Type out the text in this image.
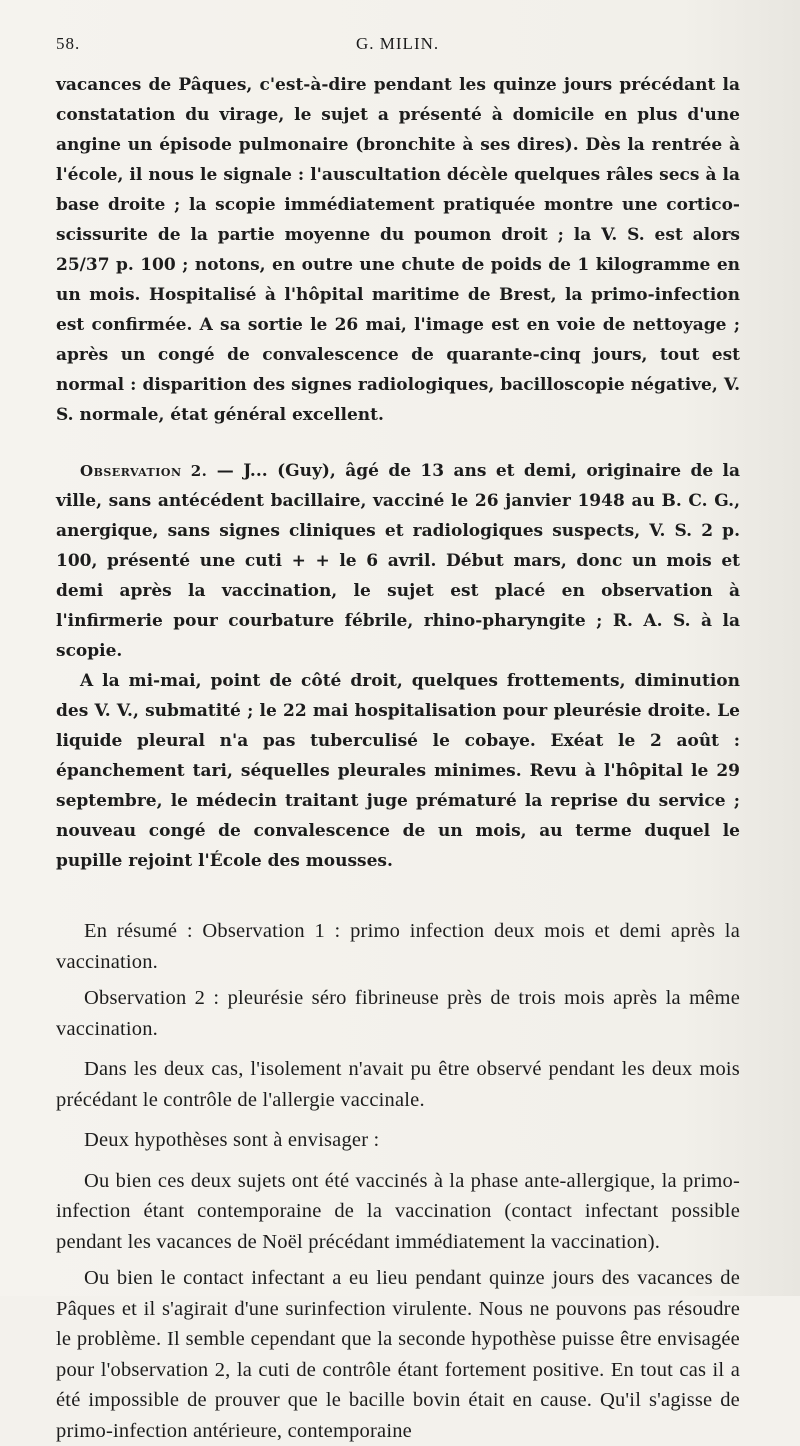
58.	G. MILIN.

vacances de Pâques, c'est-à-dire pendant les quinze jours précédant la constatation du virage, le sujet a présenté à domicile en plus d'une angine un épisode pulmonaire (bronchite à ses dires). Dès la rentrée à l'école, il nous le signale : l'auscultation décèle quelques râles secs à la base droite ; la scopie immédiatement pratiquée montre une cortico-scissurite de la partie moyenne du poumon droit ; la V. S. est alors 25/37 p. 100 ; notons, en outre une chute de poids de 1 kilogramme en un mois. Hospitalisé à l'hôpital maritime de Brest, la primo-infection est confirmée. A sa sortie le 26 mai, l'image est en voie de nettoyage ; après un congé de convalescence de quarante-cinq jours, tout est normal : disparition des signes radiologiques, bacilloscopie négative, V. S. normale, état général excellent.

Observation 2. — J... (Guy), âgé de 13 ans et demi, originaire de la ville, sans antécédent bacillaire, vacciné le 26 janvier 1948 au B. C. G., anergique, sans signes cliniques et radiologiques suspects, V. S. 2 p. 100, présenté une cuti + + le 6 avril. Début mars, donc un mois et demi après la vaccination, le sujet est placé en observation à l'infirmerie pour courbature fébrile, rhino-pharyngite ; R. A. S. à la scopie.

A la mi-mai, point de côté droit, quelques frottements, diminution des V. V., submatité ; le 22 mai hospitalisation pour pleurésie droite. Le liquide pleural n'a pas tuberculisé le cobaye. Exéat le 2 août : épanchement tari, séquelles pleurales minimes. Revu à l'hôpital le 29 septembre, le médecin traitant juge prématuré la reprise du service ; nouveau congé de convalescence de un mois, au terme duquel le pupille rejoint l'École des mousses.

En résumé : Observation 1 : primo infection deux mois et demi après la vaccination.

Observation 2 : pleurésie séro fibrineuse près de trois mois après la même vaccination.

Dans les deux cas, l'isolement n'avait pu être observé pendant les deux mois précédant le contrôle de l'allergie vaccinale.

Deux hypothèses sont à envisager :

Ou bien ces deux sujets ont été vaccinés à la phase ante-allergique, la primo-infection étant contemporaine de la vaccination (contact infectant possible pendant les vacances de Noël précédant immédiatement la vaccination).

Ou bien le contact infectant a eu lieu pendant quinze jours des vacances de Pâques et il s'agirait d'une surinfection virulente. Nous ne pouvons pas résoudre le problème. Il semble cependant que la seconde hypothèse puisse être envisagée pour l'observation 2, la cuti de contrôle étant fortement positive. En tout cas il a été impossible de prouver que le bacille bovin était en cause. Qu'il s'agisse de primo-infection antérieure, contemporaine
